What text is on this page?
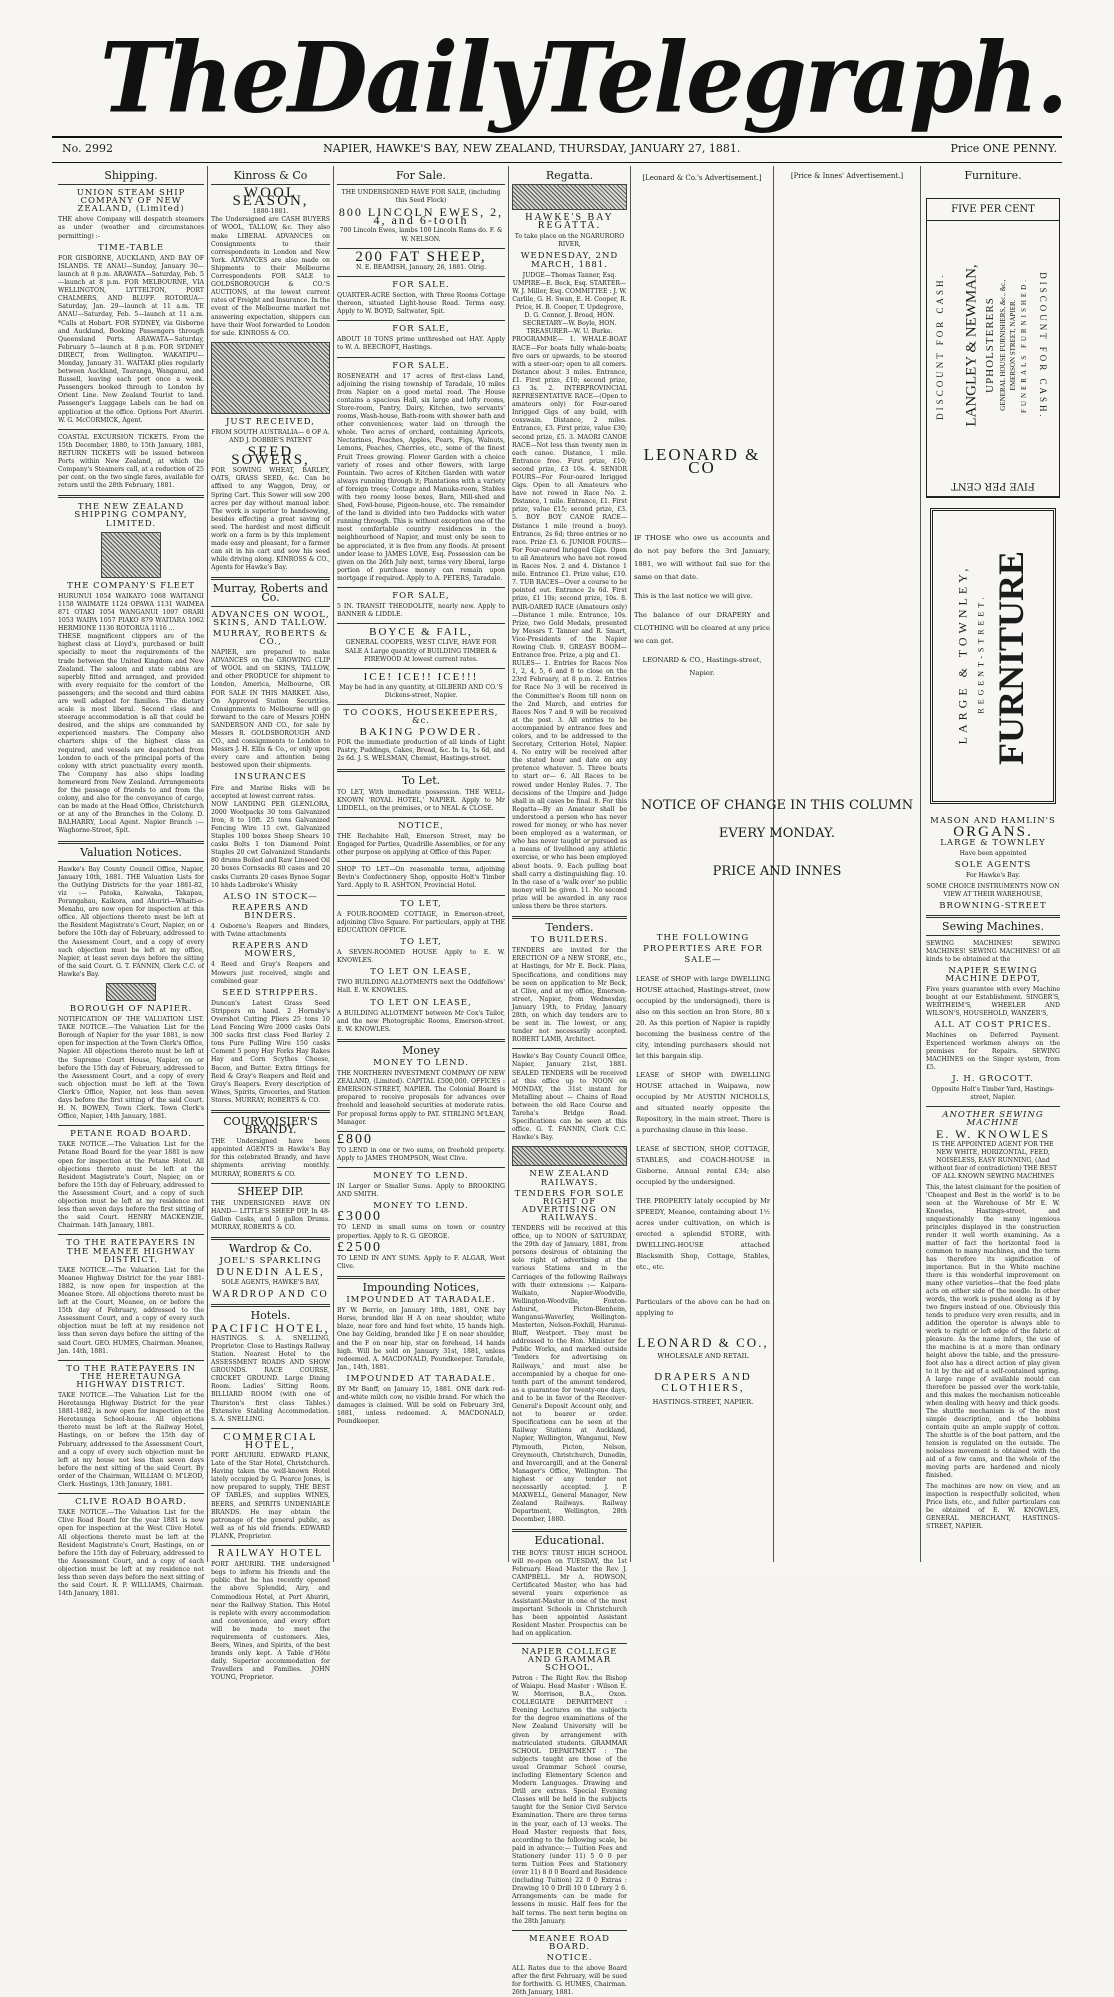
The Daily Telegraph.
No. 2992	NAPIER, HAWKE'S BAY, NEW ZEALAND, THURSDAY, JANUARY 27, 1881.	Price ONE PENNY.
Shipping.
UNION STEAM SHIP COMPANY OF NEW ZEALAND, (Limited)

THE above Company will despatch steamers as under (weather and circumstances permitting) :-

TIME-TABLE

FOR GISBORNE, AUCKLAND, AND BAY OF ISLANDS. TE ANAU—Sunday, January 30—launch at 8 p.m. ARAWATA—Saturday, Feb. 5—launch at 8 p.m. FOR MELBOURNE, VIA WELLINGTON, LYTTELTON, PORT CHALMERS, AND BLUFF. ROTORUA—Saturday, Jan. 29—launch at 11 a.m. TE ANAU—Saturday, Feb. 5—launch at 11 a.m. *Calls at Hobart. FOR SYDNEY, via Gisborne and Auckland, Booking Passengers through Queensland Ports. ARAWATA—Saturday, February 5—launch at 8 p.m. FOR SYDNEY DIRECT, from Wellington. WAKATIPU—Monday, January 31. WAITAKI plies regularly between Auckland, Tauranga, Wanganui, and Russell, leaving each port once a week. Passengers booked through to London by Orient Line. New Zealand Tourist to land. Passenger's Luggage Labels can be had on application at the office. Options Port Ahuriri. W. G. McCORMICK, Agent.

COASTAL EXCURSION TICKETS. From the 15th December, 1880, to 15th January, 1881, RETURN TICKETS will be issued between Ports within New Zealand, at which the Company's Steamers call, at a reduction of 25 per cent. on the two single fares, available for return until the 28th February, 1881.

THE NEW ZEALAND SHIPPING COMPANY, LIMITED.
THE COMPANY'S FLEET

HURUNUI 1054 WAIKATO 1068 WAITANGI 1158 WAIMATE 1124 OPAWA 1131 WAIMEA 871 OTAKI 1054 WANGANUI 1097 ORARI 1053 WAIPA 1057 PIAKO 879 WAITARA 1062 HERMIONE 1136 ROTORUA 1116 ...

THESE magnificent clippers are of the highest class at Lloyd's, purchased or built specially to meet the requirements of the trade between the United Kingdom and New Zealand. The saloon and state cabins are superbly fitted and arranged, and provided with every requisite for the comfort of the passengers; and the second and third cabins are well adapted for families. The dietary scale is most liberal. Second class and steerage accommodation is all that could be desired, and the ships are commanded by experienced masters. The Company also charters ships of the highest class as required, and vessels are despatched from London to each of the principal ports of the colony with strict punctuality every month. The Company has also ships loading homeward from New Zealand. Arrangements for the passage of friends to and from the colony, and also for the conveyance of cargo, can be made at the Head Office, Christchurch or at any of the Branches in the Colony. D. BALHARRY, Local Agent. Napier Branch :—Waghorne-Street, Spit.

Valuation Notices.

Hawke's Bay County Council Office, Napier, January 10th, 1881. THE Valuation Lists for the Outlying Districts for the year 1881-82, viz :— Patoka, Kaiwaka, Takapau, Porangahau, Kaikora, and Ahuriri—Whaiti-o-Menahu, are now open for inspection at this office. All objections thereto must be left at the Resident Magistrate's Court, Napier, on or before the 10th day of February, addressed to the Assessment Court, and a copy of every such objection must be left at my office, Napier, at least seven days before the sitting of the said Court. G. T. FANNIN, Clerk C.C. of Hawke's Bay.

BOROUGH OF NAPIER.

NOTIFICATION OF THE VALUATION LIST. TAKE NOTICE.—The Valuation List for the Borough of Napier for the year 1881, is now open for inspection at the Town Clerk's Office, Napier. All objections thereto must be left at the Supreme Court House, Napier, on or before the 15th day of February, addressed to the Assessment Court, and a copy of every such objection must be left at the Town Clerk's Office, Napier, not less than seven days before the first sitting of the said Court. H. N. BOWEN, Town Clerk. Town Clerk's Office, Napier, 14th January, 1881.

PETANE ROAD BOARD.

TAKE NOTICE.—The Valuation List for the Petane Road Board for the year 1881 is now open for inspection at the Petane Hotel. All objections thereto must be left at the Resident Magistrate's Court, Napier, on or before the 15th day of February, addressed to the Assessment Court, and a copy of such objection must be left at my residence not less than seven days before the first sitting of the said Court. HENRY MACKENZIE, Chairman. 14th January, 1881.

TO THE RATEPAYERS IN THE MEANEE HIGHWAY DISTRICT.

TAKE NOTICE.—The Valuation List for the Meanee Highway District for the year 1881-1882, is now open for inspection at the Meanee Store. All objections thereto must be left at the Court, Meanee, on or before the 15th day of February, addressed to the Assessment Court, and a copy of every such objection must be left at my residence not less than seven days before the sitting of the said Court. GEO. HUMES, Chairman. Meanee, Jan. 14th, 1881.

TO THE RATEPAYERS IN THE HERETAUNGA HIGHWAY DISTRICT.

TAKE NOTICE.—The Valuation List for the Heretaunga Highway District for the year 1881-1882, is now open for inspection at the Heretaunga School-house. All objections thereto must be left at the Railway Hotel, Hastings, on or before the 15th day of February, addressed to the Assessment Court, and a copy of every such objection must be left at my house not less than seven days before the next sitting of the said Court. By order of the Chairman, WILLIAM O. M'LEOD, Clerk. Hastings, 13th January, 1881.

CLIVE ROAD BOARD.

TAKE NOTICE.—The Valuation List for the Clive Road Board for the year 1881 is now open for inspection at the West Clive Hotel. All objections thereto must be left at the Resident Magistrate's Court, Hastings, on or before the 15th day of February, addressed to the Assessment Court, and a copy of each objection must be left at my residence not less than seven days before the next sitting of the said Court. R. P. WILLIAMS, Chairman. 14th January, 1881.

Kinross & Co
WOOL SEASON,
1880-1881.

The Undersigned are CASH BUYERS of WOOL, TALLOW, &c. They also make LIBERAL ADVANCES on Consignments to their correspondents in London and New York. ADVANCES are also made on Shipments to their Melbourne Correspondents FOR SALE to GOLDSBOROUGH & CO.'S AUCTIONS, at the lowest current rates of Freight and Insurance. In the event of the Melbourne market not answering expectation, shippers can have their Wool forwarded to London for sale. KINROSS & CO.

JUST RECEIVED,

FROM SOUTH AUSTRALIA— 6 OF A. AND J. DOBBIE'S PATENT

SEED SOWERS,

FOR SOWING WHEAT, BARLEY, OATS, GRASS SEED, &c. Can be affixed to any Waggon, Dray, or Spring Cart. This Sower will sow 200 acres per day without manual labor. The work is superior to handsowing, besides effecting a great saving of seed. The hardest and most difficult work on a farm is by this implement made easy and pleasant, for a farmer can sit in his cart and sow his seed while driving along. KINROSS & CO., Agents for Hawke's Bay.

Murray, Roberts and Co.
ADVANCES ON WOOL, SKINS, AND TALLOW.
MURRAY, ROBERTS & CO.,

NAPIER, are prepared to make ADVANCES on the GROWING CLIP of WOOL and on SKINS, TALLOW, and other PRODUCE for shipment to London, America, Melbourne, OR FOR SALE IN THIS MARKET. Also, On Approved Station Securities. Consignments to Melbourne will go forward to the care of Messrs JOHN SANDERSON AND CO., for sale by Messrs R. GOLDSBOROUGH AND CO., and consignments to London to Messrs J. H. Ellis & Co., or only upon every care and attention being bestowed upon their shipments.

INSURANCES

Fire and Marine Risks will be accepted at lowest current rates.

NOW LANDING PER GLENLORA, 2000 Woolpacks 30 tons Galvanized Iron, 8 to 10ft. 25 tons Galvanized Fencing Wire 15 cwt. Galvanized Staples 100 boxes Sheep Shears 10 casks Bolts 1 ton Diamond Point Staples 20 cwt Galvanized Standards 80 drums Boiled and Raw Linseed Oil 20 boxes Cornsacks 80 cases and 20 casks Currants 20 cases Bynoe Sugar 10 hhds Ladbroke's Whisky

ALSO IN STOCK—
REAPERS AND BINDERS.

4 Osborne's Reapers and Binders, with Twine attachments

REAPERS AND MOWERS,

4 Reed and Gray's Reapers and Mowers just received, single and combined gear

SEED STRIPPERS.

Duncan's Latest Grass Seed Strippers on hand. 2 Hornsby's Overshot Cutting Pliers 25 tons 10 Lead Fencing Wire 2000 casks Oats 300 sacks first class Feed Barley 2 tons Pure Pulling Wire 150 casks Cement 5 pony Hay Forks Hay Rakes Hay and Corn Scythes Cheese, Bacon, and Butter. Extra fittings for Reid & Gray's Reapers and Reid and Gray's Reapers. Every description of Wines, Spirits, Groceries, and Station Stores. MURRAY, ROBERTS & CO.

COURVOISIER'S BRANDY.

THE Undersigned have been appointed AGENTS in Hawke's Bay for this celebrated Brandy, and have shipments arriving monthly. MURRAY, ROBERTS & CO.

SHEEP DIP.

THE UNDERSIGNED HAVE ON HAND— LITTLE'S SHEEP DIP, In 48-Gallon Casks, and 5 gallon Drums. MURRAY, ROBERTS & CO.

Wardrop & Co.
JOEL'S SPARKLING
DUNEDIN ALES,
SOLE AGENTS, HAWKE'S BAY,
WARDROP AND CO
Hotels.
PACIFIC HOTEL,

HASTINGS. S. A. SNELLING, Proprietor. Close to Hastings Railway Station. Nearest Hotel to the ASSESSMENT ROADS AND SHOW GROUNDS. RACE COURSE, CRICKET GROUND. Large Dining Room. Ladies' Sitting Room. BILLIARD ROOM (with one of Thurston's first class Tables.) Extensive Stabling Accommodation. S. A. SNELLING.

COMMERCIAL HOTEL,

PORT AHURIRI. EDWARD PLANK, Late of the Star Hotel, Christchurch. Having taken the well-known Hotel lately occupied by G. Pearce Jones, is now prepared to supply, THE BEST OF TABLES, and supplies WINES, BEERS, and SPIRITS UNDENIABLE BRANDS. He may obtain the patronage of the general public, as well as of his old friends. EDWARD PLANK, Proprietor.

RAILWAY HOTEL

PORT AHURIRI. THE undersigned begs to inform his friends and the public that he has recently opened the above Splendid, Airy, and Commodious Hotel, at Port Ahuriri, near the Railway Station. This Hotel is replete with every accommodation and convenience, and every effort will be made to meet the requirements of customers. Ales, Beers, Wines, and Spirits, of the best brands only kept. A Table d'Hôte daily. Superior accommodation for Travellers and Families. JOHN YOUNG, Proprietor.

For Sale.

THE UNDERSIGNED HAVE FOR SALE, (including this Seed Flock)

800 LINCOLN EWES, 2, 4, and 6-tooth

700 Lincoln Ewes, lambs 100 Lincoln Rams do. F. & W. NELSON.

200 FAT SHEEP,

N. E. BEAMISH, January, 26, 1881. Olrig.

FOR SALE.

QUARTER-ACRE Section, with Three Rooms Cottage thereon, situated Light-house Road. Terms easy. Apply to W. BOYD, Saltwater, Spit.

FOR SALE,

ABOUT 10 TONS prime unthreshed oat HAY. Apply to W. A. BEECROFT, Hastings.

FOR SALE.

ROSENEATH and 17 acres of first-class Land, adjoining the rising township of Taradale, 10 miles from Napier on a good metal road. The House contains a spacious Hall, six large and lofty rooms, Store-room, Pantry, Dairy, Kitchen, two servants' rooms, Wash-house, Bath-room with shower bath and other conveniences; water laid on through the whole. Two acres of orchard, containing Apricots, Nectarines, Peaches, Apples, Pears, Figs, Walnuts, Lemons, Peaches, Cherries, etc., some of the finest Fruit Trees growing. Flower Garden with a choice variety of roses and other flowers, with large Fountain. Two acres of Kitchen Garden with water always running through it; Plantations with a variety of foreign trees; Cottage and Manuka-room, Stables with two roomy loose boxes, Barn, Mill-shed and Shed, Fowl-house, Pigeon-house, etc. The remainder of the land is divided into two Paddocks with water running through. This is without exception one of the most comfortable country residences in the neighbourhood of Napier, and must only be seen to be appreciated, it is five from any floods. At present under lease to JAMES LOVE, Esq. Possession can be given on the 26th July next, terms very liberal, large portion of purchase money can remain upon mortgage if required. Apply to A. PETERS, Taradale.

FOR SALE,

5 IN. TRANSIT THEODOLITE, nearly new. Apply to BANNER & LIDDLE.

BOYCE & FAIL,

GENERAL COOPERS, WEST CLIVE, HAVE FOR SALE A Large quantity of BUILDING TIMBER & FIREWOOD At lowest current rates.

ICE! ICE!! ICE!!!

May be had in any quantity, at GILBERD AND CO.'S Dickens-street, Napier.

TO COOKS, HOUSEKEEPERS, &c.
BAKING POWDER.

FOR the immediate production of all kinds of Light Pastry, Puddings, Cakes, Bread, &c. In 1s, 1s 6d, and 2s 6d. J. S. WELSMAN, Chemist, Hastings-street.

To Let.

TO LET, With immediate possession. THE WELL-KNOWN 'ROYAL HOTEL,' NAPIER. Apply to Mr LIDDELL, on the premises, or to NEAL & CLOSE.

NOTICE,

THE Rechabite Hall, Emerson Street, may be Engaged for Parties, Quadrille Assemblies, or for any other purpose on applying at Office of this Paper.

SHOP TO LET—On reasonable terms, adjoining Bevin's Confectionery Shop, opposite Holt's Timber Yard. Apply to R. ASHTON, Provincial Hotel.

TO LET,

A FOUR-ROOMED COTTAGE, in Emerson-street, adjoining Clive Square. For particulars, apply at THE EDUCATION OFFICE.

TO LET,

A SEVEN-ROOMED HOUSE Apply to E. W. KNOWLES.

TO LET ON LEASE,

TWO BUILDING ALLOTMENTS next the Oddfellows' Hall. E. W. KNOWLES.

TO LET ON LEASE,

A BUILDING ALLOTMENT between Mr Cox's Tailor, and the new Photographic Rooms, Emerson-street. E. W. KNOWLES.

Money
MONEY TO LEND.

THE NORTHERN INVESTMENT COMPANY OF NEW ZEALAND, (Limited). CAPITAL £500,000. OFFICES : EMERSON-STREET, NAPIER. The Colonial Board is prepared to receive proposals for advances over freehold and leasehold securities at moderate rates. For proposal forms apply to PAT. STIRLING M'LEAN, Manager.

£800

TO LEND in one or two sums, on freehold property. Apply to JAMES THOMPSON, West Clive.

MONEY TO LEND.

IN Larger or Smaller Sums. Apply to BROOKING AND SMITH.

MONEY TO LEND.
£3000

TO LEND in small sums on town or country properties. Apply to R. G. GEORGE.

£2500

TO LEND IN ANY SUMS. Apply to F. ALGAR, West Clive.

Impounding Notices,
IMPOUNDED AT TARADALE.

BY W. Berrie, on January 18th, 1881, ONE bay Horse, branded like H A on near shoulder, white blaze, near fore and hind feet white, 15 hands high. One bay Gelding, branded like J E on near shoulder, and the F on near hip, star on forehead, 14 hands high. Will be sold on January 31st, 1881, unless redeemed. A. MACDONALD, Poundkeeper. Taradale, Jan., 14th, 1881.

IMPOUNDED AT TARADALE.

BY Mr Banff, on January 15, 1881. ONE dark red-and-white milch cow, no visible brand. For which the damages is claimed. Will be sold on February 3rd, 1881, unless redeemed. A. MACDONALD, Poundkeeper.

Regatta.
HAWKE'S BAY REGATTA.

To take place on the NGARURORO RIVER,

WEDNESDAY, 2ND MARCH, 1881.

JUDGE—Thomas Tanner, Esq. UMPIRE—E. Beck, Esq. STARTER—W. J. Miller, Esq. COMMITTEE : J. W. Carlile, G. H. Swan, E. H. Cooper, R. Price, H. B. Cooper, T. Updegrove, D. G. Connor, J. Broad, HON. SECRETARY—W. Boyle, HON. TREASURER—W. U. Burke.

PROGRAMME— 1. WHALE-BOAT RACE—For boats fully whale-boats; five oars or upwards, to be steered with a steer-oar; open to all comers. Distance about 3 miles. Entrance, £1. First prize, £10; second prize, £3 3s. 2. INTERPROVINCIAL REPRESENTATIVE RACE—(Open to amateurs only) for Four-oared Inrigged Gigs of any build, with coxswain. Distance, 2 miles. Entrance, £3. First prize, value £30; second prize, £5. 3. MAORI CANOE RACE—Not less than twenty men in each canoe. Distance, 1 mile. Entrance free. First prize, £10; second prize, £3 10s. 4. SENIOR FOURS—For Four-oared Inrigged Gigs. Open to all Amateurs who have not rowed in Race No. 2. Distance, 1 mile. Entrance, £1. First prize, value £15; second prize, £3. 5. BOY BOY CANOE RACE—Distance 1 mile (round a buoy). Entrance, 2s 6d; three entries or no race. Prize £3. 6. JUNIOR FOURS—For Four-oared Inrigged Gigs. Open to all Amateurs who have not rowed in Races Nos. 2 and 4. Distance 1 mile. Entrance £1. Prize value, £10. 7. TUB RACES—Over a course to be pointed out. Entrance 2s 6d. First prize, £1 10s; second prize, 10s. 8. PAIR-OARED RACE (Amateurs only)—Distance 1 mile. Entrance, 10s. Prize, two Gold Medals, presented by Messrs T. Tanner and R. Smart, Vice-Presidents of the Napier Rowing Club. 9. GREASY BOOM—Entrance free. Prize, a pig and £1.

RULES— 1. Entries for Races Nos 1, 2, 4, 5, 6 and 8 to close on the 23rd February, at 8 p.m. 2. Entries for Race No 3 will be received in the Committee's Room till noon on the 2nd March, and entries for Races Nos 7 and 9 will be received at the post. 3. All entries to be accompanied by entrance fees and colors, and to be addressed to the Secretary, Criterion Hotel, Napier. 4. No entry will be received after the stated hour and date on any pretence whatever. 5. Three boats to start or— 6. All Races to be rowed under Henley Rules. 7. The decisions of the Umpire and Judge shall in all cases be final. 8. For this Regatta—By an Amateur shall be understood a person who has never rowed for money, or who has never been employed as a waterman, or who has never taught or pursued as a means of livelihood any athletic exercise, or who has been employed about boats. 9. Each pulling boat shall carry a distinguishing flag. 10. In the case of a 'walk over' no public money will be given. 11. No second prize will be awarded in any race unless there be three starters.

Tenders.
TO BUILDERS.

TENDERS are invited for the ERECTION OF a NEW STORE, etc., at Hastings, for Mr E. Beck. Plans, Specifications, and conditions may be seen on application to Mr Beck, at Clive, and at my office, Emerson-street, Napier, from Wednesday, January 19th, to Friday, January 28th, on which day tenders are to be sent in. The lowest, or any, tender not necessarily accepted. ROBERT LAMB, Architect.

Hawke's Bay County Council Office, Napier, January 21st, 1881. SEALED TENDERS will be received at this office up to NOON on MONDAY, the 31st instant for Metalling about — Chains of Road between the old Race Course and Tareha's Bridge Road. Specifications can be seen at this office. G. T. FANNIN, Clerk C.C. Hawke's Bay.

NEW ZEALAND RAILWAYS.
TENDERS FOR SOLE RIGHT OF ADVERTISING ON RAILWAYS.

TENDERS will be received at this office, up to NOON of SATURDAY, the 29th day of January, 1881, from persons desirous of obtaining the sole right of advertising at the various Stations and in the Carriages of the following Railways with their extensions :— Kaipara-Waikato, Napier-Woodville, Wellington-Woodville, Foxton-Ashurst, Picton-Blenheim, Wanganui-Waverley, Wellington-Masterton, Nelson-Foxhill, Hurunui-Bluff, Westport. They must be addressed to the Hon. Minister for Public Works, and marked outside 'Tenders for advertising on Railways,' and must also be accompanied by a cheque for one-tenth part of the amount tendered, as a guarantee for twenty-one days, and to be in favor of the Receiver-General's Deposit Account only, and not to bearer or order. Specifications can be seen at the Railway Stations at Auckland, Napier, Wellington, Wanganui, New Plymouth, Picton, Nelson, Greymouth, Christchurch, Dunedin, and Invercargill, and at the General Manager's Office, Wellington. The highest or any tender not necessarily accepted. J. P. MAXWELL, General Manager, New Zealand Railways. Railway Department, Wellington, 28th December, 1880.

Educational.

THE BOYS' TRUST HIGH SCHOOL will re-open on TUESDAY, the 1st February. Head Master the Rev. J. CAMPBELL. Mr A. HOWSON, Certificated Master, who has had several years experience as Assistant-Master in one of the most important Schools in Christchurch has been appointed Assistant Resident Master. Prospectus can be had on application.

NAPIER COLLEGE AND GRAMMAR SCHOOL.

Patron : The Right Rev. the Bishop of Waiapu. Head Master : Wilson E. W. Morrison, B.A., Oxon. COLLEGIATE DEPARTMENT : Evening Lectures on the subjects for the degree examinations of the New Zealand University will be given by arrangement with matriculated students. GRAMMAR SCHOOL DEPARTMENT : The subjects taught are those of the usual Grammar School course, including Elementary Science and Modern Languages. Drawing and Drill are extras. Special Evening Classes will be held in the subjects taught for the Senior Civil Service Examination. There are three terms in the year, each of 13 weeks. The Head Master requests that fees, according to the following scale, be paid in advance:— Tuition Fees and Stationery (under 11) 5 0 0 per term Tuition Fees and Stationery (over 11) 8 0 0 Board and Residence (including Tuition) 22 0 0 Extras : Drawing 10 0 Drill 10 0 Library 2 6. Arrangements can be made for lessons in music. Half fees for the half terms. The next term begins on the 28th January.

MEANEE ROAD BOARD.
NOTICE.

ALL Rates due to the above Board after the first February, will be sued for forthwith. G. HUMES, Chairman. 26th January, 1881.

[Leonard & Co.'s Advertisement.]
LEONARD & CO

IF THOSE who owe us accounts and do not pay before the 3rd January, 1881, we will without fail sue for the same on that date.

This is the last notice we will give.

The balance of our DRAPERY and CLOTHING will be cleared at any price we can get.

LEONARD & CO., Hastings-street, Napier.

NOTICE OF CHANGE IN THIS COLUMN EVERY MONDAY.
PRICE AND INNES
THE FOLLOWING PROPERTIES ARE FOR SALE—

LEASE of SHOP with large DWELLING HOUSE attached, Hastings-street, (now occupied by the undersigned), there is also on this section an Iron Store, 80 x 20. As this portion of Napier is rapidly becoming the business centre of the city, intending purchasers should not let this bargain slip.

LEASE of SHOP with DWELLING HOUSE attached in Waipawa, now occupied by Mr AUSTIN NICHOLLS, and situated nearly opposite the Repository, in the main street. There is a purchasing clause in this lease.

LEASE of SECTION, SHOP, COTTAGE, STABLES, and COACH-HOUSE in Gisborne. Annual rental £34; also occupied by the undersigned.

THE PROPERTY lately occupied by Mr SPEEDY, Meanee, containing about 1½ acres under cultivation, on which is erected a splendid STORE, with DWELLING-HOUSE attached Blacksmith Shop, Cottage, Stables, etc., etc.

Particulars of the above can be had on applying to

LEONARD & CO.,
WHOLESALE AND RETAIL
DRAPERS AND CLOTHIERS,
HASTINGS-STREET, NAPIER.
[Price & Innes' Advertisement.]	Furniture.
FIVE PER CENT
FIVE PER CENT
DISCOUNT FOR CASH. LANGLEY & NEWMAN, UPHOLSTERERS GENERAL HOUSE FURNISHERS, &c., &c., EMERSON STREET, NAPIER. FUNERALS FURNISHED. DISCOUNT FOR CASH.
LARGE & TOWNLEY, REGENT-STREET. FURNITURE
MASON AND HAMLIN'S
ORGANS.
LARGE & TOWNLEY
Have been appointed
SOLE AGENTS
For Hawke's Bay.
SOME CHOICE INSTRUMENTS NOW ON VIEW AT THEIR WAREHOUSE,
BROWNING-STREET
Sewing Machines.

SEWING MACHINES! SEWING MACHINES! SEWING MACHINES! Of all kinds to be obtained at the

NAPIER SEWING MACHINE DEPOT,

Five years guarantee with every Machine bought at our Establishment. SINGER'S, WERTHEIM'S, WHEELER AND WILSON'S, HOUSEHOLD, WANZER'S,

ALL AT COST PRICES.

Machines on Deferred Payment. Experienced workmen always on the premises for Repairs. SEWING MACHINES on the Singer system, from £5.

J. H. GROCOTT.

Opposite Holt's Timber Yard, Hastings-street, Napier.

ANOTHER SEWING MACHINE
E. W. KNOWLES

IS THE APPOINTED AGENT FOR THE NEW WHITE, HORIZONTAL, FEED, NOISELESS, EASY RUNNING, (And without fear of contradiction) THE BEST OF ALL KNOWN SEWING MACHINES

This, the latest claimant for the position of 'Cheapest and Best in the world' is to be seen at the Warehouse of Mr E. W. Knowles, Hastings-street, and unquestionably the many ingenious principles displayed in the construction render it well worth examining. As a matter of fact the horizontal feed is common to many machines, and the term has therefore its signification of importance. But in the White machine there is this wonderful improvement on many other varieties—that the feed plate acts on either side of the needle. In other words, the work is pushed along as if by two fingers instead of one. Obviously this tends to produce very even results, and in addition the operator is always able to work to right or left edge of the fabric at pleasure. As the name infers, the use of the machine is at a more than ordinary height above the table, and the pressure-foot also has a direct action of play given to it by the aid of a self-contained spring. A large range of available mould can therefore be passed over the work-table, and this makes the mechanism noticeable when dealing with heavy and thick goods. The shuttle mechanism is of the most simple description, and the bobbins contain quite an ample supply of cotton. The shuttle is of the boat pattern, and the tension is regulated on the outside. The noiseless movement is obtained with the aid of a few cams, and the whole of the moving parts are hardened and nicely finished.

The machines are now on view, and an inspection is respectfully solicited, when Price lists, etc., and fuller particulars can be obtained of E. W. KNOWLES, GENERAL MERCHANT, HASTINGS-STREET, NAPIER.
